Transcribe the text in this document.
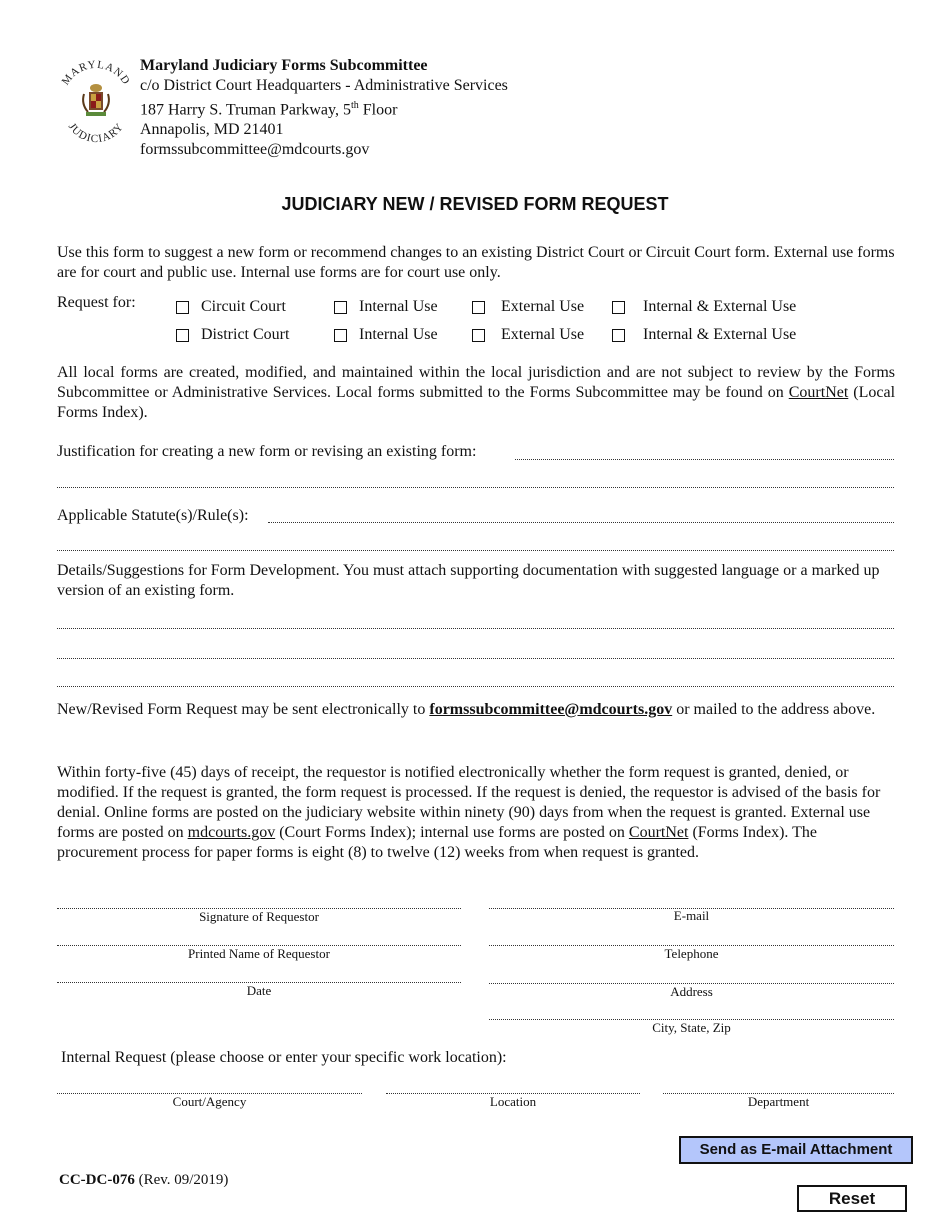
MARYLAND
JUDICIARY
Maryland Judiciary Forms Subcommittee
c/o District Court Headquarters - Administrative Services
187 Harry S. Truman Parkway, 5th Floor
Annapolis, MD 21401
formssubcommittee@mdcourts.gov
JUDICIARY NEW / REVISED FORM REQUEST
Use this form to suggest a new form or recommend changes to an existing District Court or Circuit Court form. External use forms are for court and public use. Internal use forms are for court use only.
Request for:	Circuit Court	Internal Use	External Use	Internal & External Use
District Court	Internal Use	External Use	Internal & External Use
All local forms are created, modified, and maintained within the local jurisdiction and are not subject to review by the Forms Subcommittee or Administrative Services. Local forms submitted to the Forms Subcommittee may be found on CourtNet (Local Forms Index).
Justification for creating a new form or revising an existing form:
Applicable Statute(s)/Rule(s):
Details/Suggestions for Form Development. You must attach supporting documentation with suggested language or a marked up version of an existing form.
New/Revised Form Request may be sent electronically to formssubcommittee@mdcourts.gov or mailed to the address above.
Within forty-five (45) days of receipt, the requestor is notified electronically whether the form request is granted, denied, or modified. If the request is granted, the form request is processed. If the request is denied, the requestor is advised of the basis for denial. Online forms are posted on the judiciary website within ninety (90) days from when the request is granted. External use forms are posted on mdcourts.gov (Court Forms Index); internal use forms are posted on CourtNet (Forms Index). The procurement process for paper forms is eight (8) to twelve (12) weeks from when request is granted.
Signature of Requestor
Printed Name of Requestor
Date
E-mail
Telephone
Address
City, State, Zip
Internal Request (please choose or enter your specific work location):
Court/Agency	Location	Department
Send as E-mail Attachment
Reset
CC-DC-076 (Rev. 09/2019)
